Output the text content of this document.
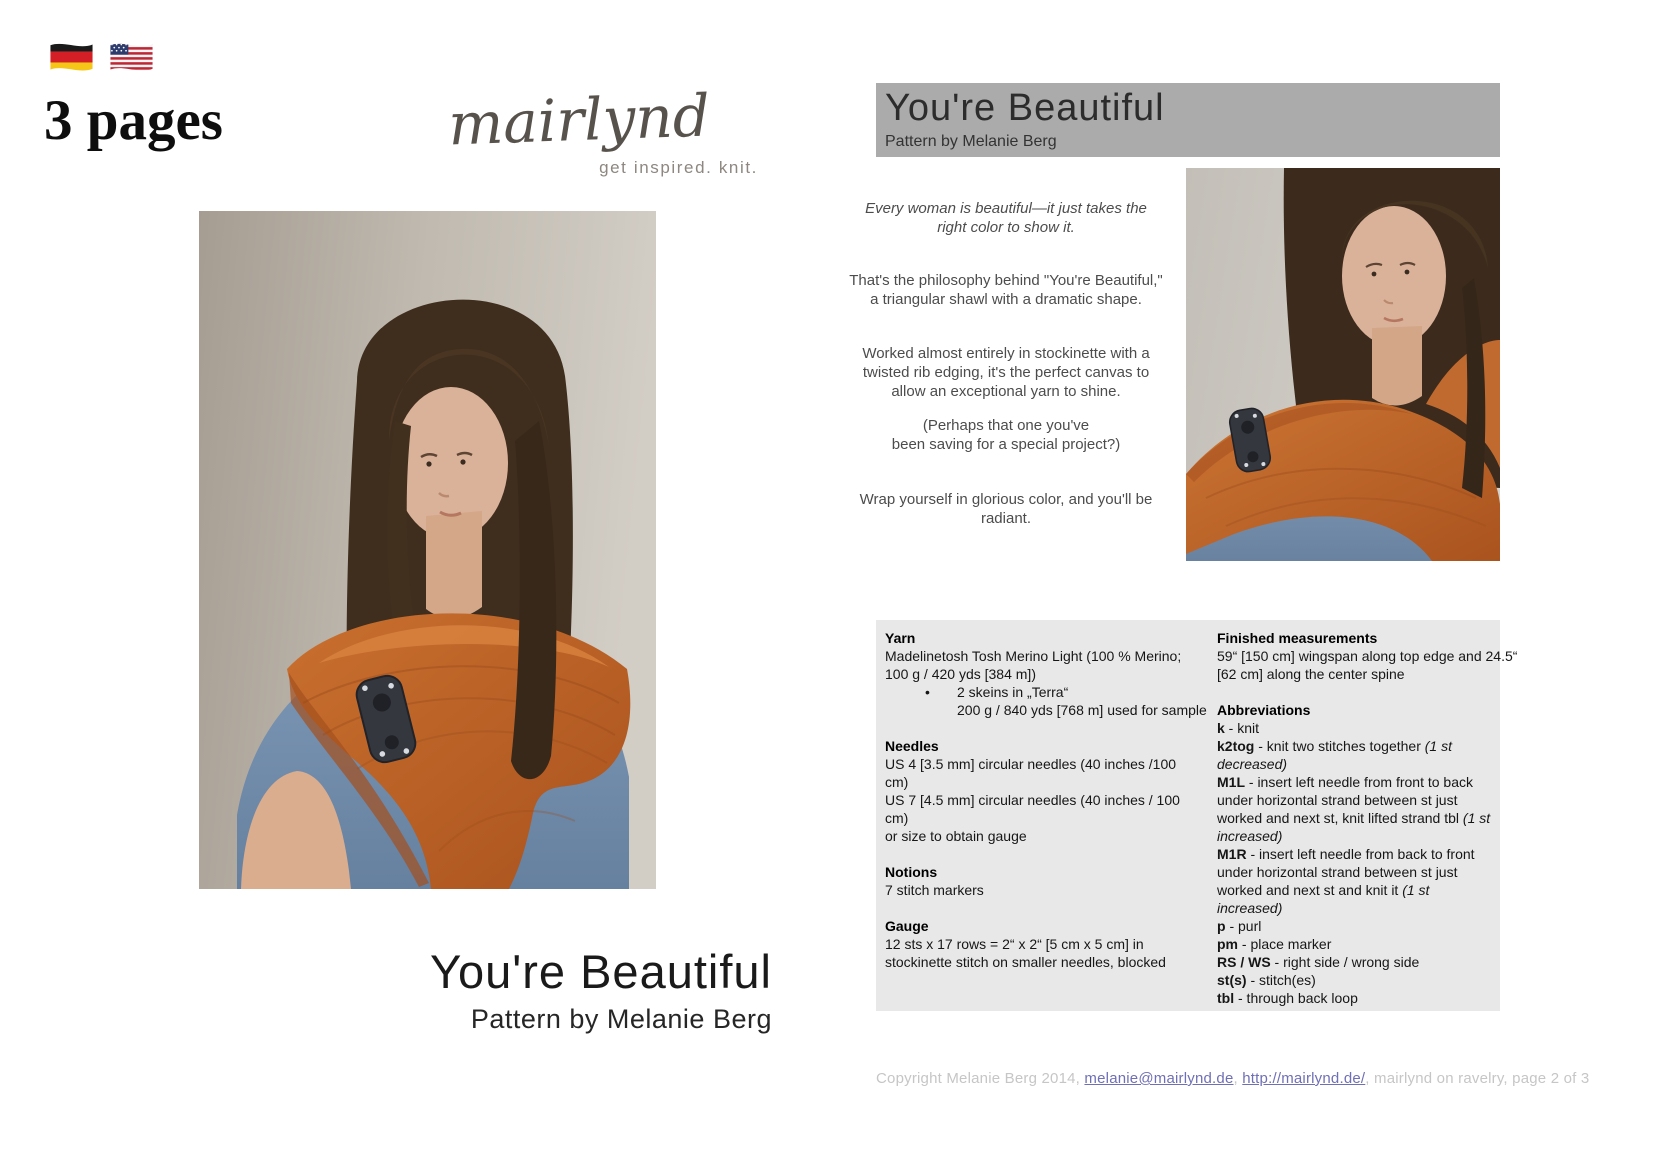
3 pages	mairlynd
get inspired. knit.
You're Beautiful
Pattern by Melanie Berg
You're Beautiful
Pattern by Melanie Berg

Every woman is beautiful—it just takes the
right color to show it.

That's the philosophy behind "You're Beautiful,"
a triangular shawl with a dramatic shape.

Worked almost entirely in stockinette with a
twisted rib edging, it's the perfect canvas to
allow an exceptional yarn to shine.

(Perhaps that one you've
been saving for a special project?)

Wrap yourself in glorious color, and you'll be radiant.

Yarn
Madelinetosh Tosh Merino Light (100 % Merino;
100 g / 420 yds [384 m])
• 2 skeins in „Terra“
200 g / 840 yds [768 m] used for sample
Needles
US 4 [3.5 mm] circular needles (40 inches /100
cm)
US 7 [4.5 mm] circular needles (40 inches / 100
cm)
or size to obtain gauge
Notions
7 stitch markers
Gauge
12 sts x 17 rows = 2“ x 2“ [5 cm x 5 cm] in
stockinette stitch on smaller needles, blocked
Finished measurements
59“ [150 cm] wingspan along top edge and 24.5“
[62 cm] along the center spine
Abbreviations
k - knit
k2tog - knit two stitches together (1 st decreased)
M1L - insert left needle from front to back under horizontal strand between st just worked and next st, knit lifted strand tbl (1 st increased)
M1R - insert left needle from back to front under horizontal strand between st just worked and next st and knit it (1 st increased)
p - purl
pm - place marker
RS / WS - right side / wrong side
st(s) - stitch(es)
tbl - through back loop
Copyright Melanie Berg 2014, melanie@mairlynd.de, http://mairlynd.de/, mairlynd on ravelry, page 2 of 3
